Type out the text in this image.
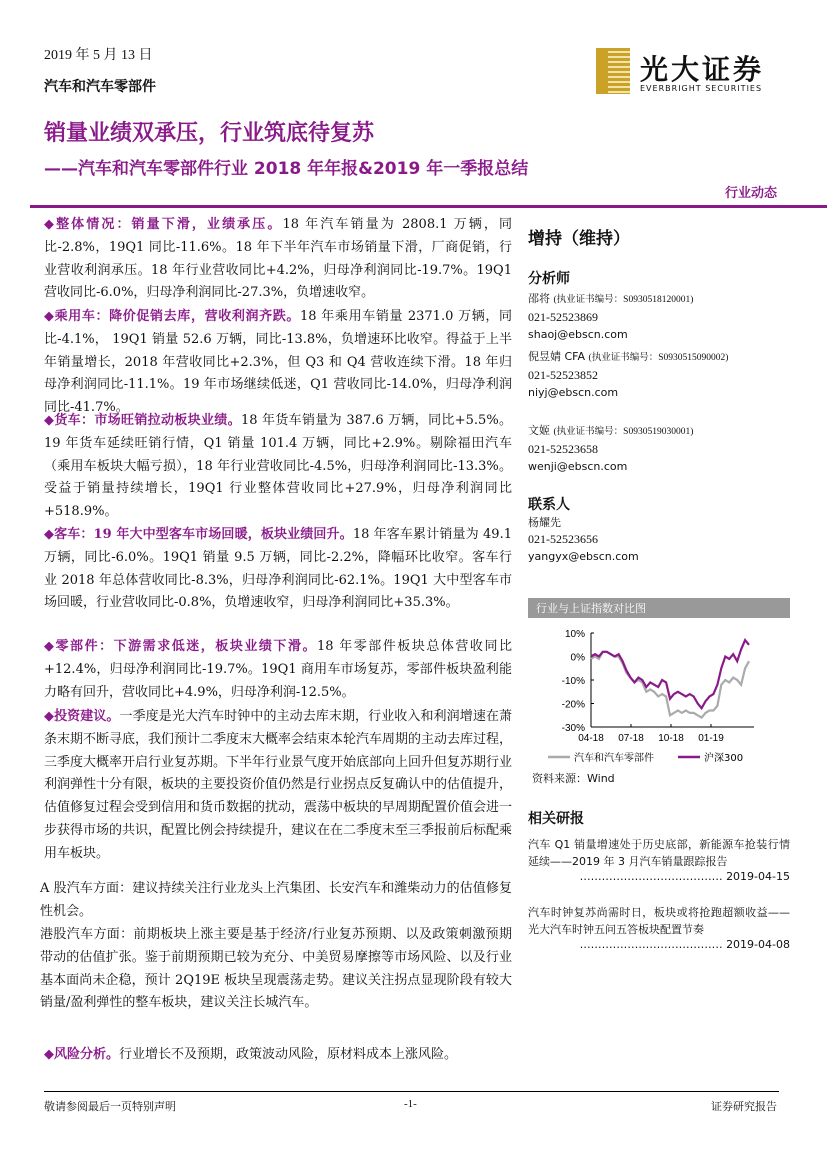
2019 年 5 月 13 日
汽车和汽车零部件
光大证券
EVERBRIGHT SECURITIES
销量业绩双承压，行业筑底待复苏
——汽车和汽车零部件行业 2018 年年报&2019 年一季报总结
行业动态
◆整体情况：销量下滑，业绩承压。18 年汽车销量为 2808.1 万辆，同比-2.8%，19Q1 同比-11.6%。18 年下半年汽车市场销量下滑，厂商促销，行业营收利润承压。18 年行业营收同比+4.2%，归母净利润同比-19.7%。19Q1 营收同比-6.0%，归母净利润同比-27.3%，负增速收窄。
◆乘用车：降价促销去库，营收利润齐跌。18 年乘用车销量 2371.0 万辆，同比-4.1%， 19Q1 销量 52.6 万辆，同比-13.8%，负增速环比收窄。得益于上半年销量增长，2018 年营收同比+2.3%，但 Q3 和 Q4 营收连续下滑。18 年归母净利润同比-11.1%。19 年市场继续低迷，Q1 营收同比-14.0%，归母净利润同比-41.7%。
◆货车：市场旺销拉动板块业绩。18 年货车销量为 387.6 万辆，同比+5.5%。19 年货车延续旺销行情，Q1 销量 101.4 万辆，同比+2.9%。剔除福田汽车（乘用车板块大幅亏损），18 年行业营收同比-4.5%，归母净利润同比-13.3%。受益于销量持续增长，19Q1 行业整体营收同比+27.9%，归母净利润同比+518.9%。
◆客车：19 年大中型客车市场回暖，板块业绩回升。18 年客车累计销量为 49.1 万辆，同比-6.0%。19Q1 销量 9.5 万辆，同比-2.2%，降幅环比收窄。客车行业 2018 年总体营收同比-8.3%，归母净利润同比-62.1%。19Q1 大中型客车市场回暖，行业营收同比-0.8%，负增速收窄，归母净利润同比+35.3%。
◆零部件：下游需求低迷，板块业绩下滑。18 年零部件板块总体营收同比+12.4%，归母净利润同比-19.7%。19Q1 商用车市场复苏，零部件板块盈利能力略有回升，营收同比+4.9%，归母净利润-12.5%。
◆投资建议。一季度是光大汽车时钟中的主动去库末期，行业收入和利润增速在萧条末期不断寻底，我们预计二季度末大概率会结束本轮汽车周期的主动去库过程，三季度大概率开启行业复苏期。下半年行业景气度开始底部向上回升但复苏期行业利润弹性十分有限，板块的主要投资价值仍然是行业拐点反复确认中的估值提升，估值修复过程会受到信用和货币数据的扰动，震荡中板块的早周期配置价值会进一步获得市场的共识，配置比例会持续提升，建议在在二季度末至三季报前后标配乘用车板块。
A 股汽车方面：建议持续关注行业龙头上汽集团、长安汽车和潍柴动力的估值修复性机会。
港股汽车方面：前期板块上涨主要是基于经济/行业复苏预期、以及政策刺激预期带动的估值扩张。鉴于前期预期已较为充分、中美贸易摩擦等市场风险、以及行业基本面尚未企稳，预计 2Q19E 板块呈现震荡走势。建议关注拐点显现阶段有较大销量/盈利弹性的整车板块，建议关注长城汽车。
◆风险分析。行业增长不及预期，政策波动风险，原材料成本上涨风险。
增持（维持）
分析师
邵将 (执业证书编号：S0930518120001)
021-52523869
shaoj@ebscn.com
倪昱婧 CFA (执业证书编号：S0930515090002)
021-52523852
niyj@ebscn.com
文姬 (执业证书编号：S0930519030001)
021-52523658
wenji@ebscn.com
联系人
杨耀先
021-52523656
yangyx@ebscn.com
行业与上证指数对比图
10%
0%
-10%
-20%
-30%
04-18 07-18 10-18 01-19
汽车和汽车零部件	沪深300
资料来源：Wind
相关研报
汽车 Q1 销量增速处于历史底部，新能源车抢装行情延续——2019 年 3 月汽车销量跟踪报告
………………………………… 2019-04-15
汽车时钟复苏尚需时日，板块或将抢跑超额收益——光大汽车时钟五问五答板块配置节奏
………………………………… 2019-04-08
敬请参阅最后一页特别声明	-1-	证券研究报告
